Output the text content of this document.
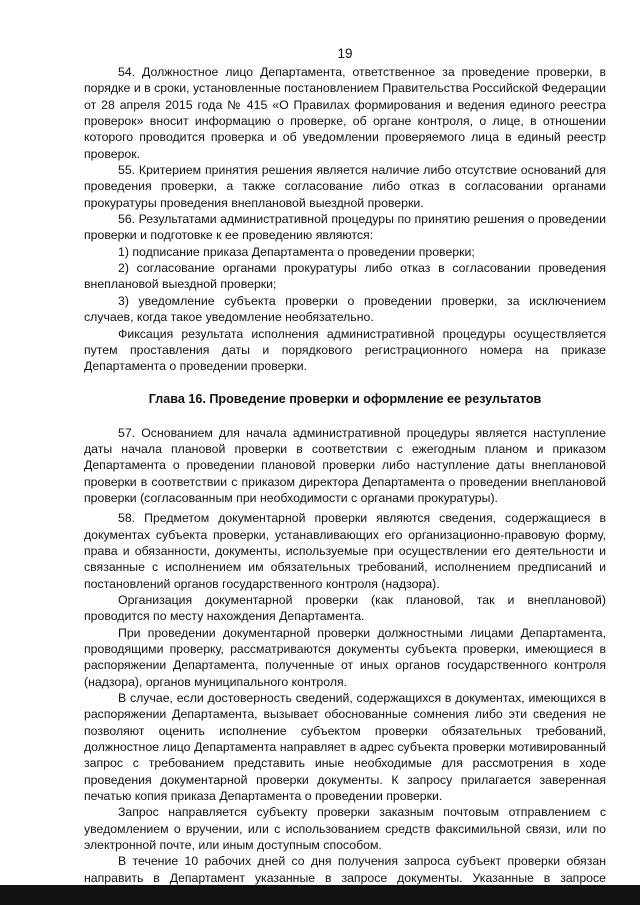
19

54. Должностное лицо Департамента, ответственное за проведение проверки, в порядке и в сроки, установленные постановлением Правительства Российской Федерации от 28 апреля 2015 года № 415 «О Правилах формирования и ведения единого реестра проверок» вносит информацию о проверке, об органе контроля, о лице, в отношении которого проводится проверка и об уведомлении проверяемого лица в единый реестр проверок.

55. Критерием принятия решения является наличие либо отсутствие оснований для проведения проверки, а также согласование либо отказ в согласовании органами прокуратуры проведения внеплановой выездной проверки.

56. Результатами административной процедуры по принятию решения о проведении проверки и подготовке к ее проведению являются:

1) подписание приказа Департамента о проведении проверки;

2) согласование органами прокуратуры либо отказ в согласовании проведения внеплановой выездной проверки;

3) уведомление субъекта проверки о проведении проверки, за исключением случаев, когда такое уведомление необязательно.

Фиксация результата исполнения административной процедуры осуществляется путем проставления даты и порядкового регистрационного номера на приказе Департамента о проведении проверки.

Глава 16. Проведение проверки и оформление ее результатов

57. Основанием для начала административной процедуры является наступление даты начала плановой проверки в соответствии с ежегодным планом и приказом Департамента о проведении плановой проверки либо наступление даты внеплановой проверки в соответствии с приказом директора Департамента о проведении внеплановой проверки (согласованным при необходимости с органами прокуратуры).

58. Предметом документарной проверки являются сведения, содержащиеся в документах субъекта проверки, устанавливающих его организационно-правовую форму, права и обязанности, документы, используемые при осуществлении его деятельности и связанные с исполнением им обязательных требований, исполнением предписаний и постановлений органов государственного контроля (надзора).

Организация документарной проверки (как плановой, так и внеплановой) проводится по месту нахождения Департамента.

При проведении документарной проверки должностными лицами Департамента, проводящими проверку, рассматриваются документы субъекта проверки, имеющиеся в распоряжении Департамента, полученные от иных органов государственного контроля (надзора), органов муниципального контроля.

В случае, если достоверность сведений, содержащихся в документах, имеющихся в распоряжении Департамента, вызывает обоснованные сомнения либо эти сведения не позволяют оценить исполнение субъектом проверки обязательных требований, должностное лицо Департамента направляет в адрес субъекта проверки мотивированный запрос с требованием представить иные необходимые для рассмотрения в ходе проведения документарной проверки документы. К запросу прилагается заверенная печатью копия приказа Департамента о проведении проверки.

Запрос направляется субъекту проверки заказным почтовым отправлением с уведомлением о вручении, или с использованием средств факсимильной связи, или по электронной почте, или иным доступным способом.

В течение 10 рабочих дней со дня получения запроса субъект проверки обязан направить в Департамент указанные в запросе документы. Указанные в запросе
